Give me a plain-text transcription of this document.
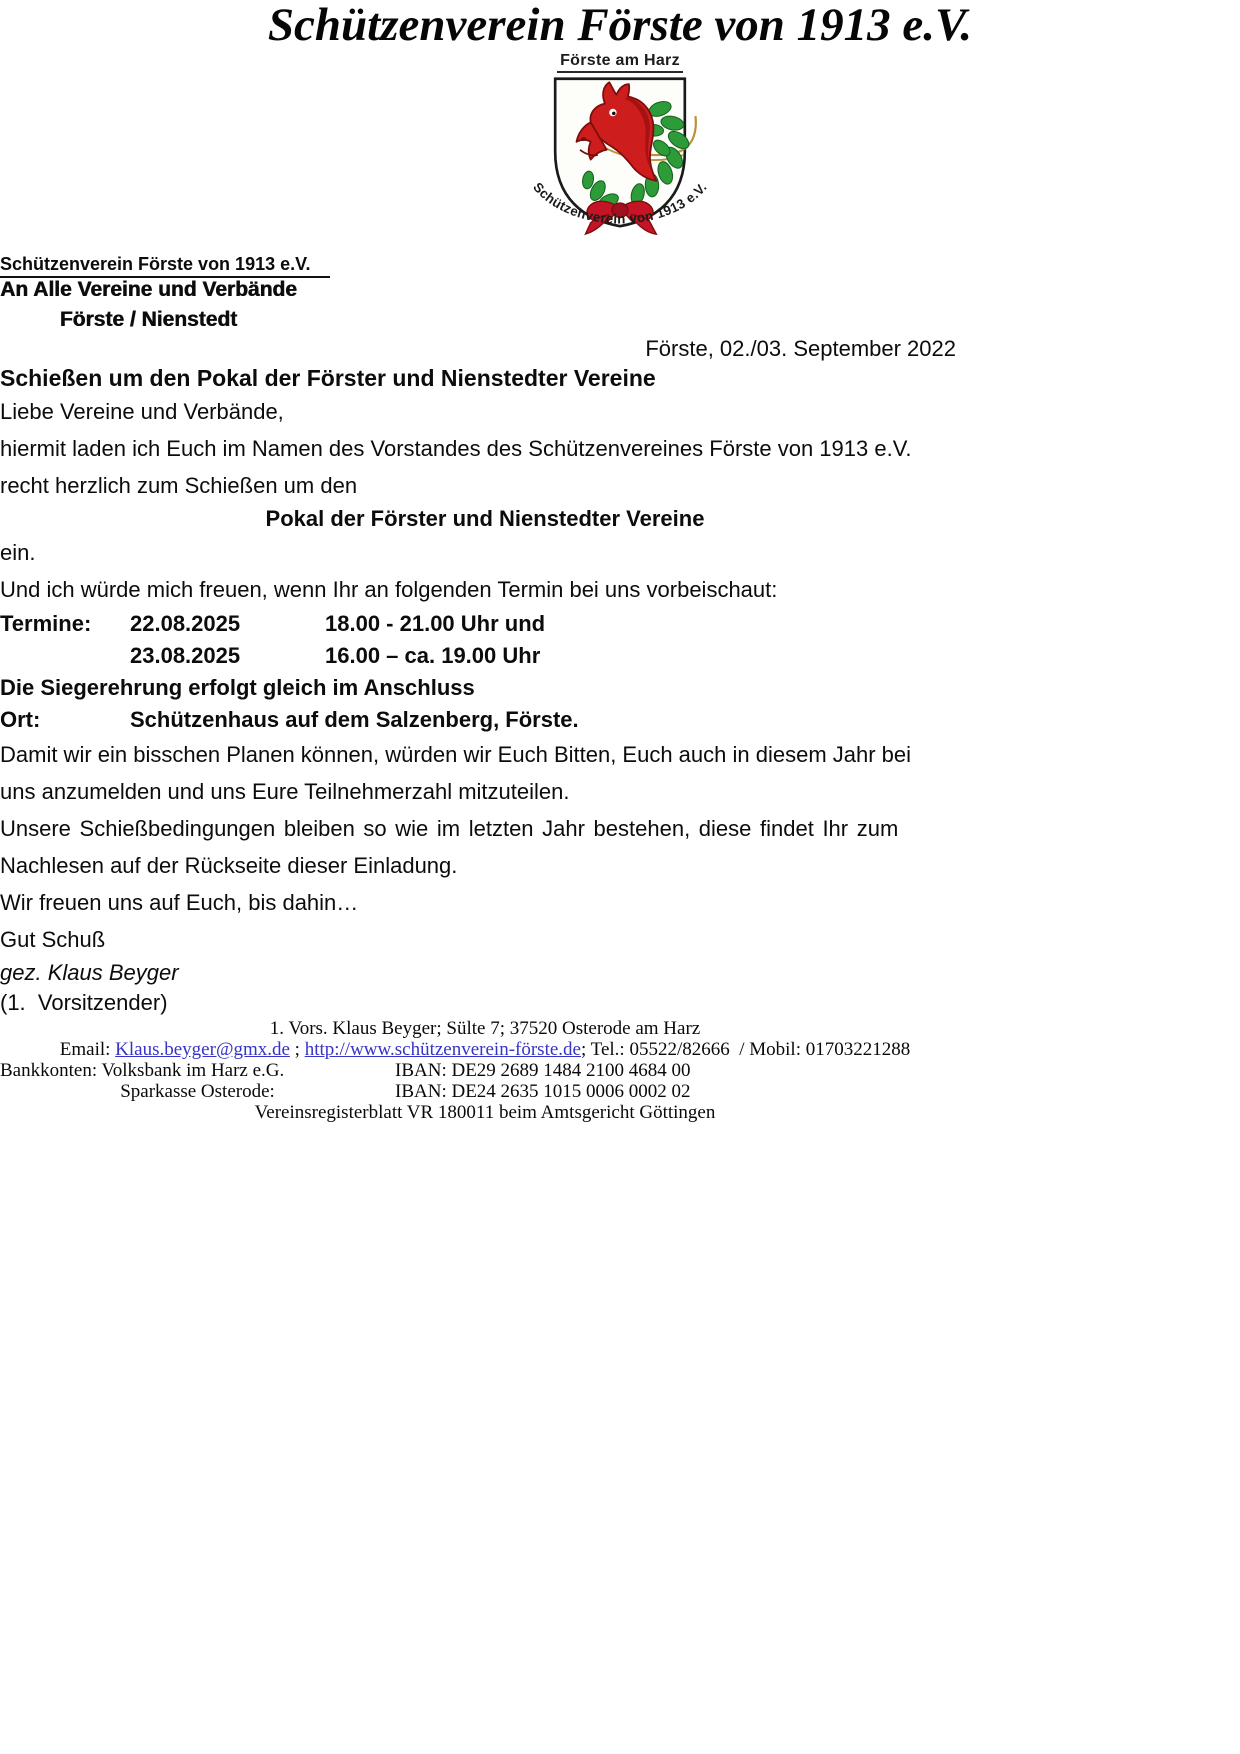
Schützenverein Förste von 1913 e.V.
Förste am Harz
Schützenverein von 1913 e.V.
Schützenverein Förste von 1913 e.V.
An Alle Vereine und Verbände
Förste / Nienstedt
Förste, 02./03. September 2022
Schießen um den Pokal der Förster und Nienstedter Vereine

Liebe Vereine und Verbände,

hiermit laden ich Euch im Namen des Vorstandes des Schützenvereines Förste von 1913 e.V.
recht herzlich zum Schießen um den

Pokal der Förster und Nienstedter Vereine

ein.

Und ich würde mich freuen, wenn Ihr an folgenden Termin bei uns vorbeischaut:

Termine:	22.08.2025	18.00 - 21.00 Uhr und
23.08.2025	16.00 – ca. 19.00 Uhr
Die Siegerehrung erfolgt gleich im Anschluss
Ort:	Schützenhaus auf dem Salzenberg, Förste.
Damit wir ein bisschen Planen können, würden wir Euch Bitten, Euch auch in diesem Jahr bei
uns anzumelden und uns Eure Teilnehmerzahl mitzuteilen.
Unsere Schießbedingungen bleiben so wie im letzten Jahr bestehen, diese findet Ihr zum
Nachlesen auf der Rückseite dieser Einladung.

Wir freuen uns auf Euch, bis dahin…

Gut Schuß

gez. Klaus Beyger

(1.  Vorsitzender)

1. Vors. Klaus Beyger; Sülte 7; 37520 Osterode am Harz
Email: Klaus.beyger@gmx.de ; http://www.schützenverein-förste.de; Tel.: 05522/82666  / Mobil: 01703221288
Bankkonten: Volksbank im Harz e.G.	IBAN: DE29 2689 1484 2100 4684 00
Sparkasse Osterode:	IBAN: DE24 2635 1015 0006 0002 02
Vereinsregisterblatt VR 180011 beim Amtsgericht Göttingen
